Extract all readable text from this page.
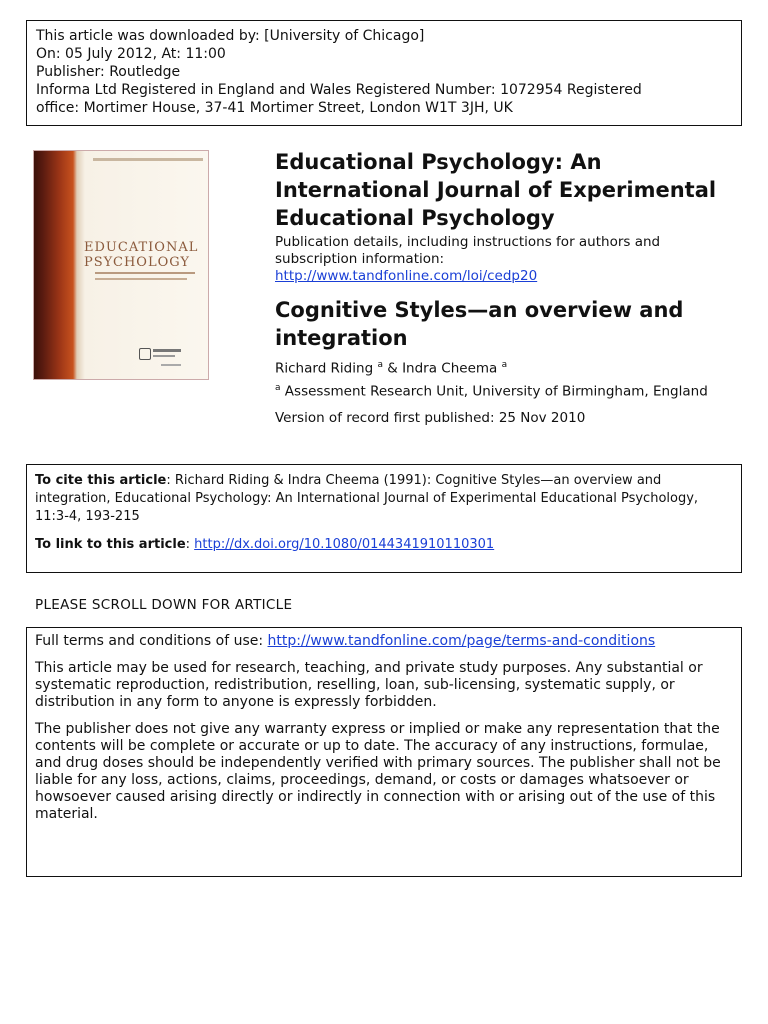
This article was downloaded by: [University of Chicago]
On: 05 July 2012, At: 11:00
Publisher: Routledge
Informa Ltd Registered in England and Wales Registered Number: 1072954 Registered
office: Mortimer House, 37-41 Mortimer Street, London W1T 3JH, UK
EDUCATIONAL
PSYCHOLOGY
Educational Psychology: An International Journal of Experimental Educational Psychology
Publication details, including instructions for authors and subscription information:
http://www.tandfonline.com/loi/cedp20
Cognitive Styles—an overview and integration
Richard Riding $^a$ & Indra Cheema $^a$
$^a$ Assessment Research Unit, University of Birmingham, England
Version of record first published: 25 Nov 2010
To cite this article: Richard Riding & Indra Cheema (1991): Cognitive Styles—an overview and integration, Educational Psychology: An International Journal of Experimental Educational Psychology, 11:3-4, 193-215
To link to this article: http://dx.doi.org/10.1080/0144341910110301
PLEASE SCROLL DOWN FOR ARTICLE

Full terms and conditions of use: http://www.tandfonline.com/page/terms-and-conditions

This article may be used for research, teaching, and private study purposes. Any substantial or systematic reproduction, redistribution, reselling, loan, sub-licensing, systematic supply, or distribution in any form to anyone is expressly forbidden.

The publisher does not give any warranty express or implied or make any representation that the contents will be complete or accurate or up to date. The accuracy of any instructions, formulae, and drug doses should be independently verified with primary sources. The publisher shall not be liable for any loss, actions, claims, proceedings, demand, or costs or damages whatsoever or howsoever caused arising directly or indirectly in connection with or arising out of the use of this material.
